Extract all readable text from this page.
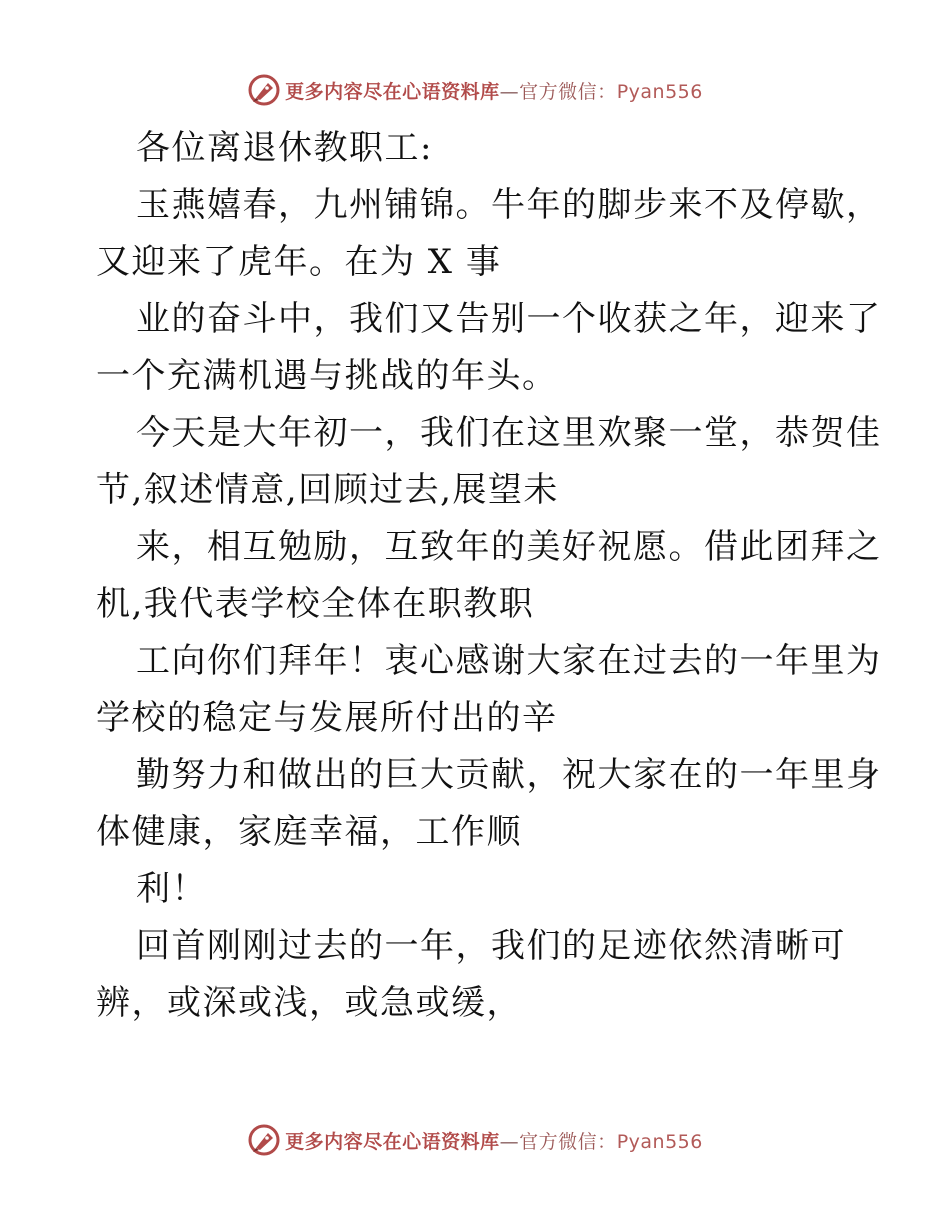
更多内容尽在心语资料库—官方微信：Pyan556
各位离退休教职工:
玉燕嬉春，九州铺锦。牛年的脚步来不及停歇，
又迎来了虎年。在为 X 事
业的奋斗中，我们又告别一个收获之年，迎来了
一个充满机遇与挑战的年头。
今天是大年初一，我们在这里欢聚一堂，恭贺佳
节,叙述情意,回顾过去,展望未
来，相互勉励，互致年的美好祝愿。借此团拜之
机,我代表学校全体在职教职
工向你们拜年！衷心感谢大家在过去的一年里为
学校的稳定与发展所付出的辛
勤努力和做出的巨大贡献，祝大家在的一年里身
体健康，家庭幸福，工作顺
利！
回首刚刚过去的一年，我们的足迹依然清晰可
辨，或深或浅，或急或缓，
更多内容尽在心语资料库—官方微信：Pyan556
